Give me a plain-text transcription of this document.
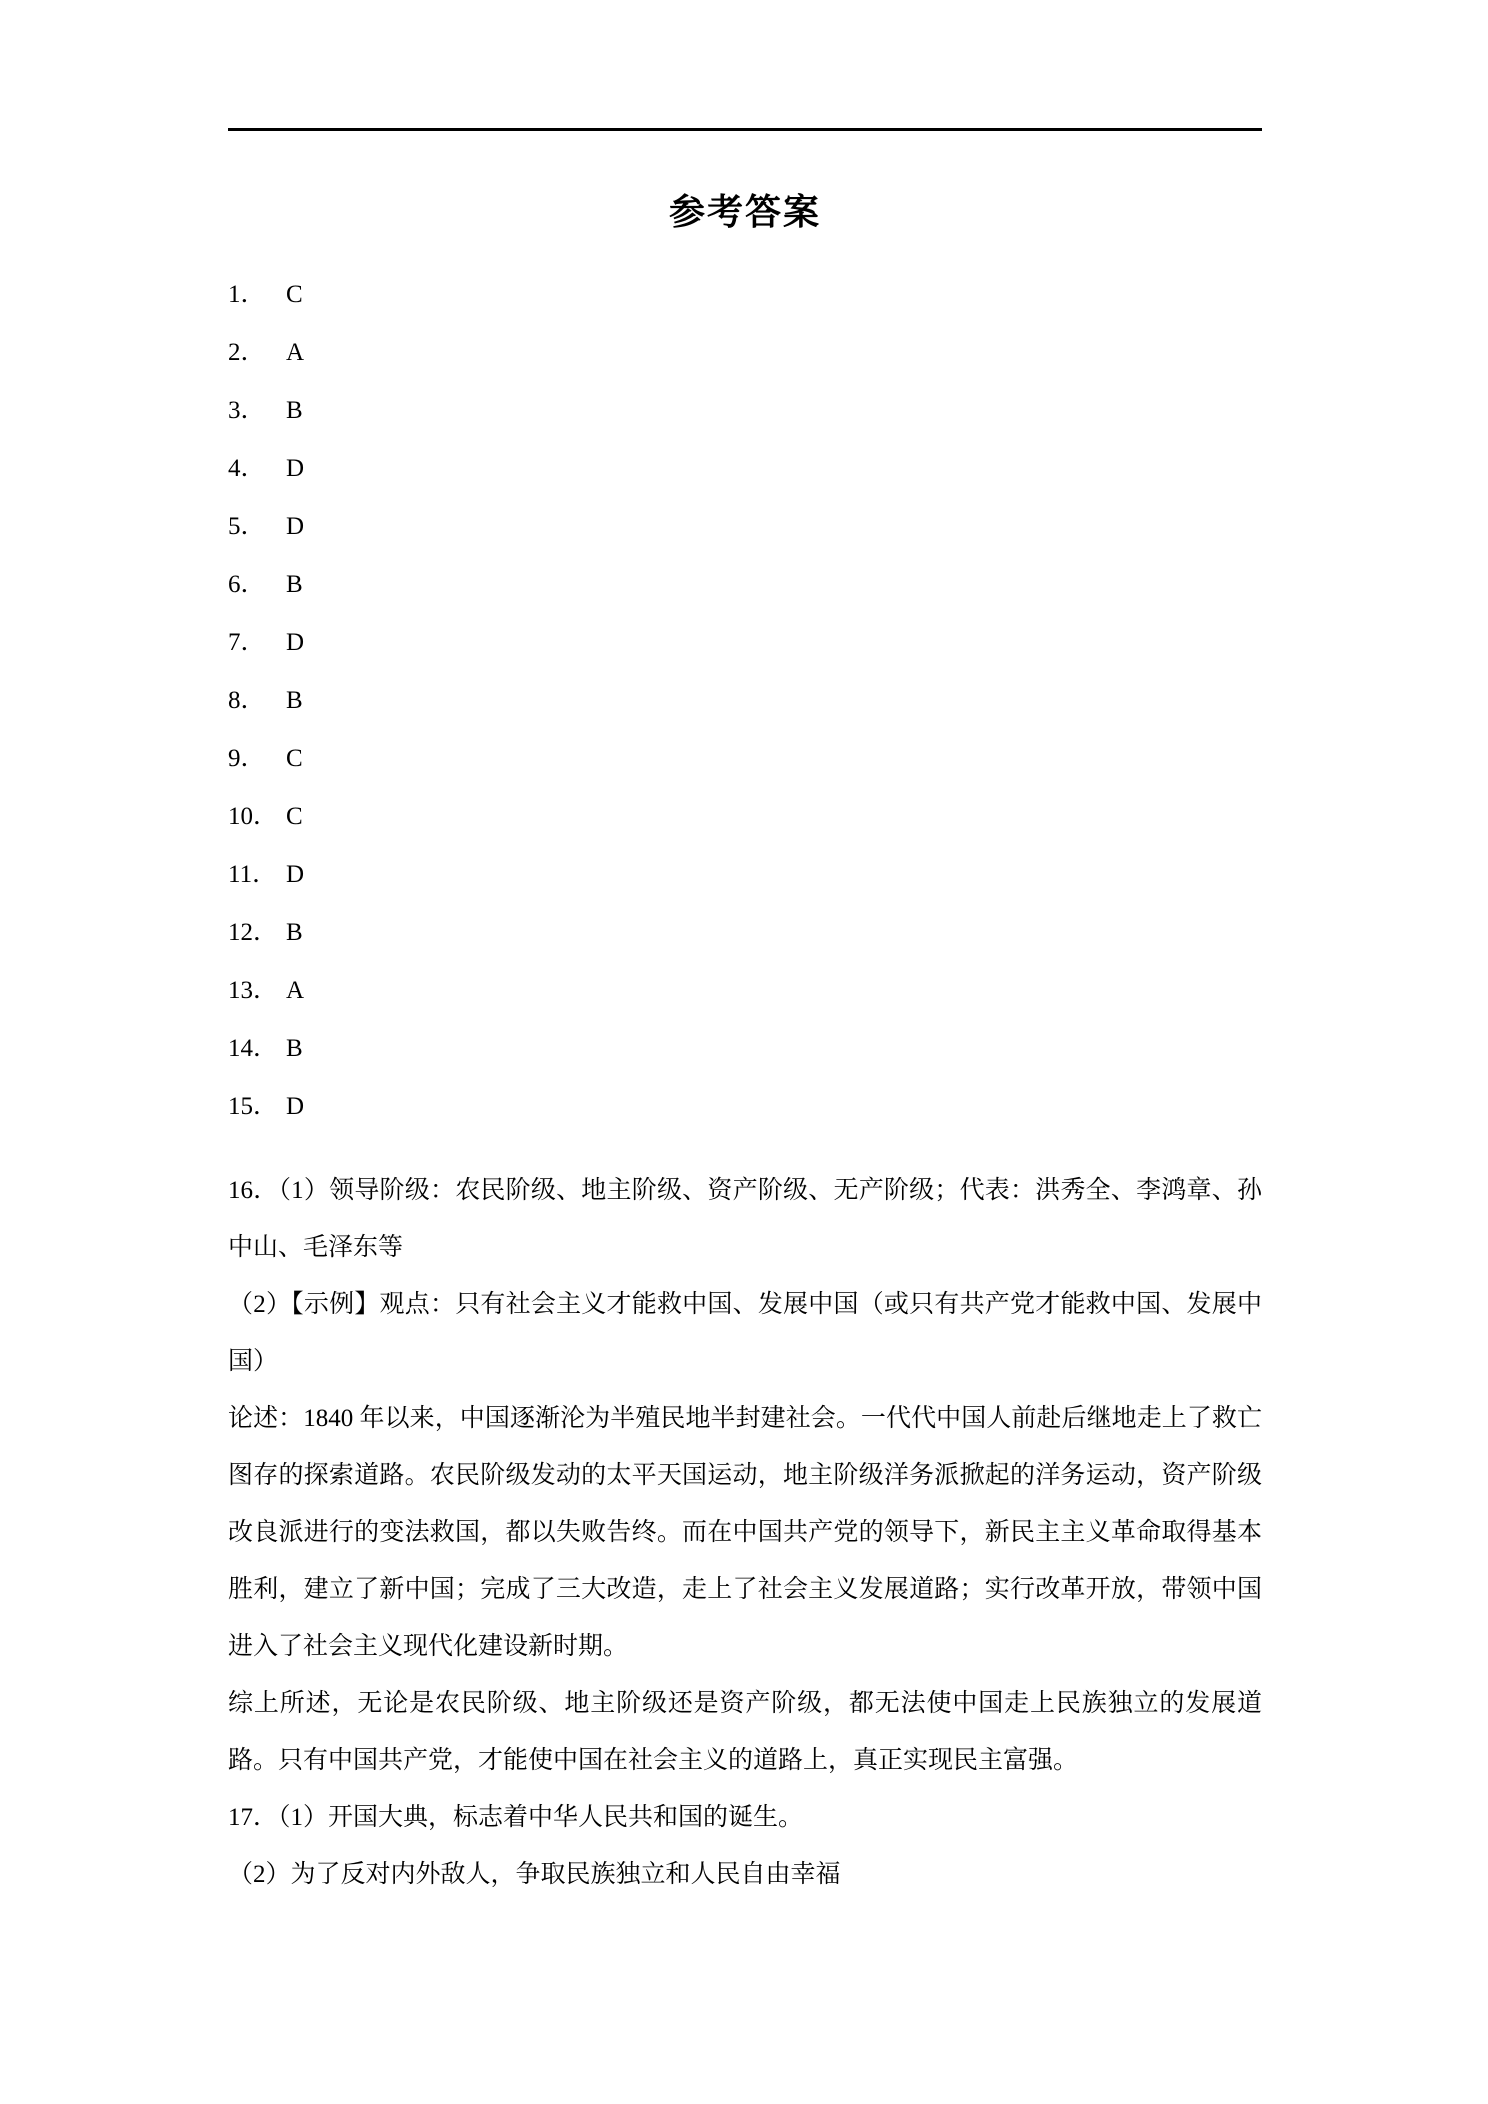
参考答案
1． C
2． A
3． B
4． D
5． D
6． B
7． D
8． B
9． C
10． C
11． D
12． B
13． A
14． B
15． D

16．（1）领导阶级：农民阶级、地主阶级、资产阶级、无产阶级；代表：洪秀全、李鸿章、孙中山、毛泽东等

（2）【示例】观点：只有社会主义才能救中国、发展中国（或只有共产党才能救中国、发展中国）

论述：1840 年以来，中国逐渐沦为半殖民地半封建社会。一代代中国人前赴后继地走上了救亡图存的探索道路。农民阶级发动的太平天国运动，地主阶级洋务派掀起的洋务运动，资产阶级改良派进行的变法救国，都以失败告终。而在中国共产党的领导下，新民主主义革命取得基本胜利，建立了新中国；完成了三大改造，走上了社会主义发展道路；实行改革开放，带领中国进入了社会主义现代化建设新时期。

综上所述，无论是农民阶级、地主阶级还是资产阶级，都无法使中国走上民族独立的发展道路。只有中国共产党，才能使中国在社会主义的道路上，真正实现民主富强。

17．（1）开国大典，标志着中华人民共和国的诞生。

（2）为了反对内外敌人，争取民族独立和人民自由幸福
